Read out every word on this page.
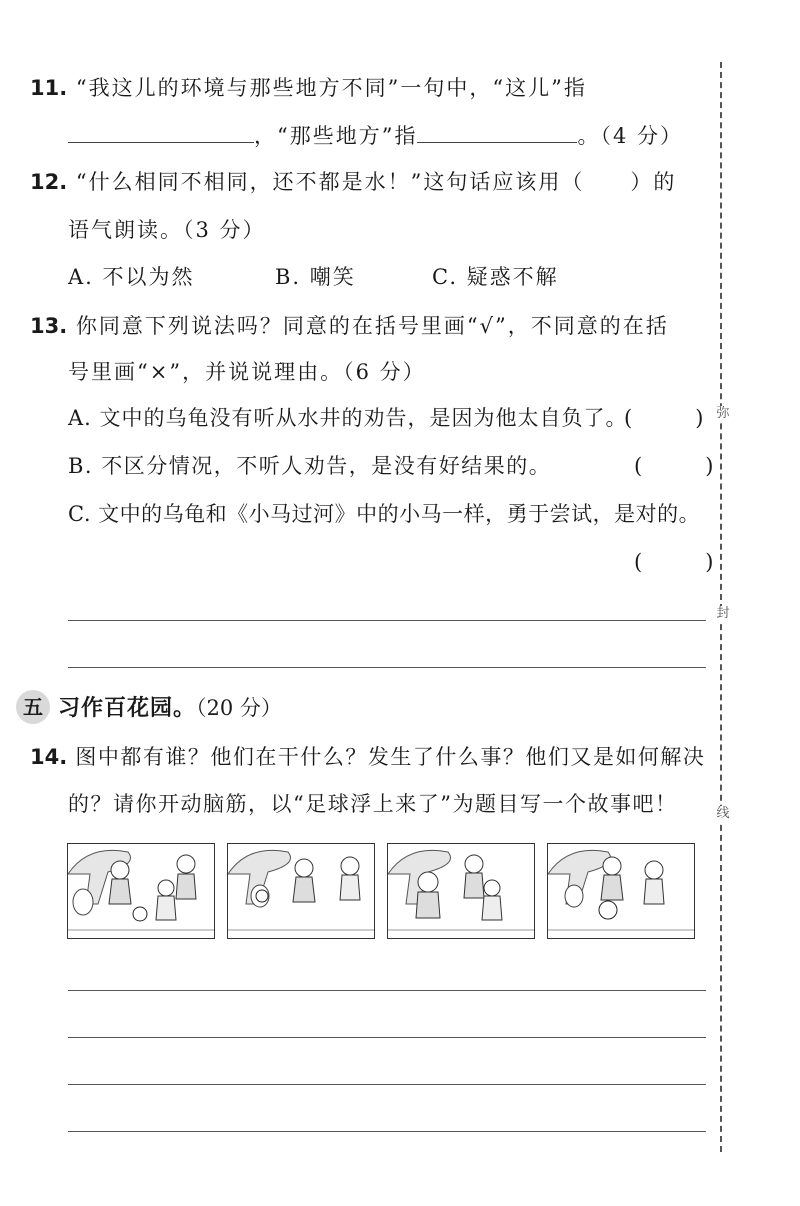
弥
封
线
11. “我这儿的环境与那些地方不同”一句中，“这儿”指
，“那些地方”指	。（4 分）
12. “什么相同不相同，还不都是水！”这句话应该用（　　）的
语气朗读。（3 分）
A. 不以为然	B. 嘲笑	C. 疑惑不解
13. 你同意下列说法吗？同意的在括号里画“√”，不同意的在括
号里画“×”，并说说理由。（6 分）
A. 文中的乌龟没有听从水井的劝告，是因为他太自负了。
(　　　)
B. 不区分情况，不听人劝告，是没有好结果的。	(　　　)
C. 文中的乌龟和《小马过河》中的小马一样，勇于尝试，是对的。
(　　　)
五 习作百花园。（20 分）
14. 图中都有谁？他们在干什么？发生了什么事？他们又是如何解决
的？请你开动脑筋，以“足球浮上来了”为题目写一个故事吧！
